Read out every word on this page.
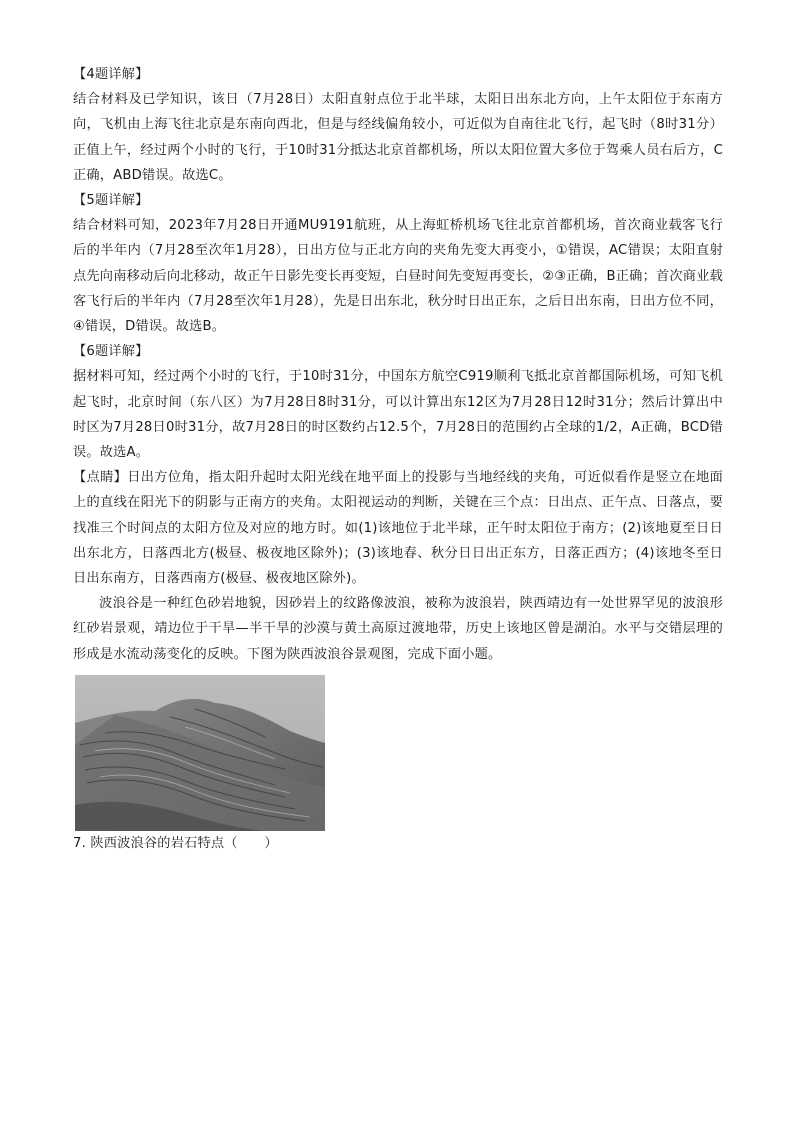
【4题详解】

结合材料及已学知识，该日（7月28日）太阳直射点位于北半球，太阳日出东北方向，上午太阳位于东南方向，飞机由上海飞往北京是东南向西北，但是与经线偏角较小，可近似为自南往北飞行，起飞时（8时31分）正值上午，经过两个小时的飞行，于10时31分抵达北京首都机场，所以太阳位置大多位于驾乘人员右后方，C正确，ABD错误。故选C。

【5题详解】

结合材料可知，2023年7月28日开通MU9191航班，从上海虹桥机场飞往北京首都机场，首次商业载客飞行后的半年内（7月28至次年1月28），日出方位与正北方向的夹角先变大再变小，①错误，AC错误；太阳直射点先向南移动后向北移动，故正午日影先变长再变短，白昼时间先变短再变长，②③正确，B正确；首次商业载客飞行后的半年内（7月28至次年1月28），先是日出东北，秋分时日出正东，之后日出东南，日出方位不同，④错误，D错误。故选B。

【6题详解】

据材料可知，经过两个小时的飞行，于10时31分，中国东方航空C919顺利飞抵北京首都国际机场，可知飞机起飞时，北京时间（东八区）为7月28日8时31分，可以计算出东12区为7月28日12时31分；然后计算出中时区为7月28日0时31分，故7月28日的时区数约占12.5个，7月28日的范围约占全球的1/2，A正确，BCD错误。故选A。

【点睛】日出方位角，指太阳升起时太阳光线在地平面上的投影与当地经线的夹角，可近似看作是竖立在地面上的直线在阳光下的阴影与正南方的夹角。太阳视运动的判断，关键在三个点：日出点、正午点、日落点，要找准三个时间点的太阳方位及对应的地方时。如(1)该地位于北半球，正午时太阳位于南方；(2)该地夏至日日出东北方，日落西北方(极昼、极夜地区除外)；(3)该地春、秋分日日出正东方，日落正西方；(4)该地冬至日日出东南方，日落西南方(极昼、极夜地区除外)。

波浪谷是一种红色砂岩地貌，因砂岩上的纹路像波浪，被称为波浪岩，陕西靖边有一处世界罕见的波浪形红砂岩景观，靖边位于干旱—半干旱的沙漠与黄土高原过渡地带，历史上该地区曾是湖泊。水平与交错层理的形成是水流动荡变化的反映。下图为陕西波浪谷景观图，完成下面小题。

7. 陕西波浪谷的岩石特点（　　）
